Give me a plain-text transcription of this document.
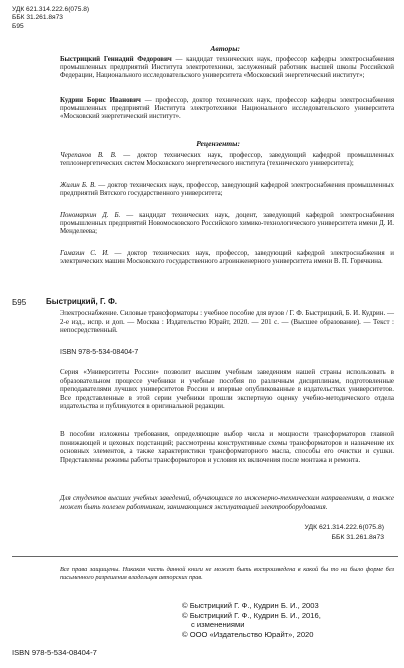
УДК 621.314.222.6(075.8)
ББК 31.261.8я73
Б95
Авторы:
Быстрицкий Геннадий Федорович — кандидат технических наук, профессор кафедры электроснабжения промышленных предприятий Института электротехники, заслуженный работник высшей школы Российской Федерации, Национального исследовательского университета «Московский энергетический институт»;
Кудрин Борис Иванович — профессор, доктор технических наук, профессор кафедры электроснабжения промышленных предприятий Института электротехники Национального исследовательского университета «Московский энергетический институт».
Рецензенты:
Черепанов В. В. — доктор технических наук, профессор, заведующий кафедрой промышленных теплоэнергетических систем Московского энергетического института (технического университета);
Жилин Б. В. — доктор технических наук, профессор, заведующий кафедрой электроснабжения промышленных предприятий Вятского государственного университета;
Пономаркин Д. Б. — кандидат технических наук, доцент, заведующий кафедрой электроснабжения промышленных предприятий Новомосковского Российского химико-технологического университета имени Д. И. Менделеева;
Гамазин С. И. — доктор технических наук, профессор, заведующий кафедрой электроснабжения и электрических машин Московского государственного агроинженерного университета имени В. П. Горячкина.
Б95 Быстрицкий, Г. Ф.
Электроснабжение. Силовые трансформаторы : учебное пособие для вузов / Г. Ф. Быстрицкий, Б. И. Кудрин. — 2-е изд., испр. и доп. — Москва : Издательство Юрайт, 2020. — 201 с. — (Высшее образование). — Текст : непосредственный.
ISBN 978-5-534-08404-7
Серия «Университеты России» позволит высшим учебным заведениям нашей страны использовать в образовательном процессе учебники и учебные пособия по различным дисциплинам, подготовленные преподавателями лучших университетов России и впервые опубликованные в издательствах университетов. Все представленные в этой серии учебники прошли экспертную оценку учебно-методического отдела издательства и публикуются в оригинальной редакции.
В пособии изложены требования, определяющие выбор числа и мощности трансформаторов главной понижающей и цеховых подстанций; рассмотрены конструктивные схемы трансформаторов и назначение их основных элементов, а также характеристики трансформаторного масла, способы его очистки и сушки. Представлены режимы работы трансформаторов и условия их включения после монтажа и ремонта.
Для студентов высших учебных заведений, обучающихся по инженерно-техническим направлениям, а также может быть полезен работникам, занимающимся эксплуатацией электрооборудования.
УДК 621.314.222.6(075.8)
ББК 31.261.8я73
Все права защищены. Никакая часть данной книги не может быть воспроизведена в какой бы то ни было форме без письменного разрешения владельцев авторских прав.
© Быстрицкий Г. Ф., Кудрин Б. И., 2003
© Быстрицкий Г. Ф., Кудрин Б. И., 2016,
с изменениями
© ООО «Издательство Юрайт», 2020
ISBN 978-5-534-08404-7
